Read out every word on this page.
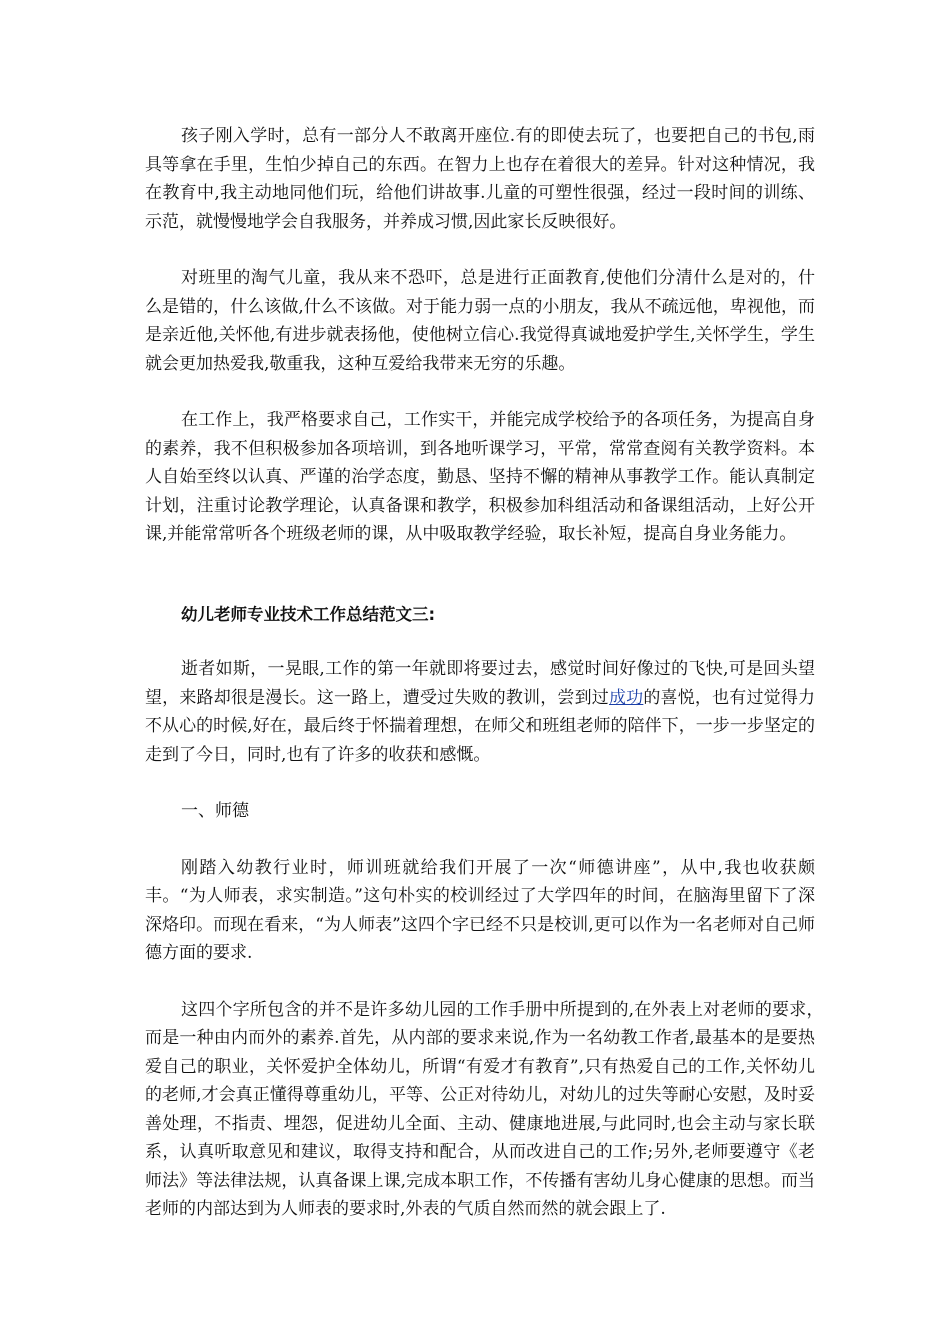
孩子刚入学时，总有一部分人不敢离开座位.有的即使去玩了，也要把自己的书包,雨具等拿在手里，生怕少掉自己的东西。在智力上也存在着很大的差异。针对这种情况，我在教育中,我主动地同他们玩，给他们讲故事.儿童的可塑性很强，经过一段时间的训练、示范，就慢慢地学会自我服务，并养成习惯,因此家长反映很好。

对班里的淘气儿童，我从来不恐吓，总是进行正面教育,使他们分清什么是对的，什么是错的，什么该做,什么不该做。对于能力弱一点的小朋友，我从不疏远他，卑视他，而是亲近他,关怀他,有进步就表扬他，使他树立信心.我觉得真诚地爱护学生,关怀学生，学生就会更加热爱我,敬重我，这种互爱给我带来无穷的乐趣。

在工作上，我严格要求自己，工作实干，并能完成学校给予的各项任务，为提高自身的素养，我不但积极参加各项培训，到各地听课学习，平常，常常查阅有关教学资料。本人自始至终以认真、严谨的治学态度，勤恳、坚持不懈的精神从事教学工作。能认真制定计划，注重讨论教学理论，认真备课和教学，积极参加科组活动和备课组活动，上好公开课,并能常常听各个班级老师的课，从中吸取教学经验，取长补短，提高自身业务能力。

幼儿老师专业技术工作总结范文三:

逝者如斯，一晃眼,工作的第一年就即将要过去，感觉时间好像过的飞快,可是回头望望，来路却很是漫长。这一路上，遭受过失败的教训，尝到过成功的喜悦，也有过觉得力不从心的时候,好在，最后终于怀揣着理想，在师父和班组老师的陪伴下，一步一步坚定的走到了今日，同时,也有了许多的收获和感慨。

一、师德

刚踏入幼教行业时，师训班就给我们开展了一次“师德讲座”，从中,我也收获颇丰。“为人师表，求实制造。”这句朴实的校训经过了大学四年的时间，在脑海里留下了深深烙印。而现在看来，“为人师表”这四个字已经不只是校训,更可以作为一名老师对自己师德方面的要求.

这四个字所包含的并不是许多幼儿园的工作手册中所提到的,在外表上对老师的要求，　而是一种由内而外的素养.首先，从内部的要求来说,作为一名幼教工作者,最基本的是要热爱自己的职业，关怀爱护全体幼儿，所谓“有爱才有教育”,只有热爱自己的工作,关怀幼儿的老师,才会真正懂得尊重幼儿，平等、公正对待幼儿，对幼儿的过失等耐心安慰，及时妥善处理，不指责、埋怨，促进幼儿全面、主动、健康地进展,与此同时,也会主动与家长联系，认真听取意见和建议，取得支持和配合，从而改进自己的工作;另外,老师要遵守《老师法》等法律法规，认真备课上课,完成本职工作，不传播有害幼儿身心健康的思想。而当老师的内部达到为人师表的要求时,外表的气质自然而然的就会跟上了.
